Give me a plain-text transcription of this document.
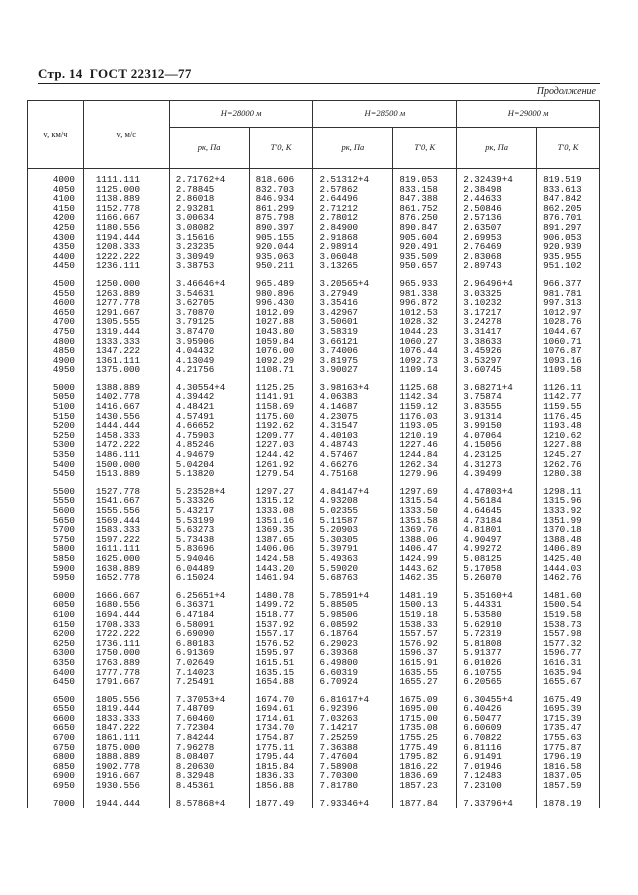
Стр. 14 ГОСТ 22312—77
Продолжение
v, км/ч	v, м/с	H=28000 м		H=28500 м		H=29000 м	
		pк, Па	T'0, К	pк, Па	T'0, К	pк, Па	T'0, К
4000	1111.111	2.71762+4	818.606	2.51312+4	819.053	2.32439+4	819.519
4050	1125.000	2.78845	832.703	2.57862	833.158	2.38498	833.613
4100	1138.889	2.86018	846.934	2.64496	847.388	2.44633	847.842
4150	1152.778	2.93281	861.299	2.71212	861.752	2.50846	862.205
4200	1166.667	3.00634	875.798	2.78012	876.250	2.57136	876.701
4250	1180.556	3.08082	890.397	2.84900	890.847	2.63507	891.297
4300	1194.444	3.15616	905.155	2.91868	905.604	2.69953	906.053
4350	1208.333	3.23235	920.044	2.98914	920.491	2.76469	920.939
4400	1222.222	3.30949	935.063	3.06048	935.509	2.83068	935.955
4450	1236.111	3.38753	950.211	3.13265	950.657	2.89743	951.102

4500	1250.000	3.46646+4	965.489	3.20565+4	965.933	2.96496+4	966.377
4550	1263.889	3.54631	980.896	3.27949	981.338	3.03325	981.781
4600	1277.778	3.62705	996.430	3.35416	996.872	3.10232	997.313
4650	1291.667	3.70870	1012.09	3.42967	1012.53	3.17217	1012.97
4700	1305.555	3.79125	1027.88	3.50601	1028.32	3.24278	1028.76
4750	1319.444	3.87470	1043.80	3.58319	1044.23	3.31417	1044.67
4800	1333.333	3.95906	1059.84	3.66121	1060.27	3.38633	1060.71
4850	1347.222	4.04432	1076.00	3.74006	1076.44	3.45926	1076.87
4900	1361.111	4.13049	1092.29	3.81975	1092.73	3.53297	1093.16
4950	1375.000	4.21756	1108.71	3.90027	1109.14	3.60745	1109.58

5000	1388.889	4.30554+4	1125.25	3.98163+4	1125.68	3.68271+4	1126.11
5050	1402.778	4.39442	1141.91	4.06383	1142.34	3.75874	1142.77
5100	1416.667	4.48421	1158.69	4.14687	1159.12	3.83555	1159.55
5150	1430.556	4.57491	1175.60	4.23075	1176.03	3.91314	1176.45
5200	1444.444	4.66652	1192.62	4.31547	1193.05	3.99150	1193.48
5250	1458.333	4.75903	1209.77	4.40103	1210.19	4.07064	1210.62
5300	1472.222	4.85246	1227.03	4.48743	1227.46	4.15056	1227.88
5350	1486.111	4.94679	1244.42	4.57467	1244.84	4.23125	1245.27
5400	1500.000	5.04204	1261.92	4.66276	1262.34	4.31273	1262.76
5450	1513.889	5.13820	1279.54	4.75168	1279.96	4.39499	1280.38

5500	1527.778	5.23528+4	1297.27	4.84147+4	1297.69	4.47803+4	1298.11
5550	1541.667	5.33326	1315.12	4.93208	1315.54	4.56184	1315.96
5600	1555.556	5.43217	1333.08	5.02355	1333.50	4.64645	1333.92
5650	1569.444	5.53199	1351.16	5.11587	1351.58	4.73184	1351.99
5700	1583.333	5.63273	1369.35	5.20903	1369.76	4.81801	1370.18
5750	1597.222	5.73438	1387.65	5.30305	1388.06	4.90497	1388.48
5800	1611.111	5.83696	1406.06	5.39791	1406.47	4.99272	1406.89
5850	1625.000	5.94046	1424.58	5.49363	1424.99	5.08125	1425.40
5900	1638.889	6.04489	1443.20	5.59020	1443.62	5.17058	1444.03
5950	1652.778	6.15024	1461.94	5.68763	1462.35	5.26070	1462.76

6000	1666.667	6.25651+4	1480.78	5.78591+4	1481.19	5.35160+4	1481.60
6050	1680.556	6.36371	1499.72	5.88505	1500.13	5.44331	1500.54
6100	1694.444	6.47184	1518.77	5.98506	1519.18	5.53580	1519.58
6150	1708.333	6.58091	1537.92	6.08592	1538.33	5.62910	1538.73
6200	1722.222	6.69090	1557.17	6.18764	1557.57	5.72319	1557.98
6250	1736.111	6.80183	1576.52	6.29023	1576.92	5.81808	1577.32
6300	1750.000	6.91369	1595.97	6.39368	1596.37	5.91377	1596.77
6350	1763.889	7.02649	1615.51	6.49800	1615.91	6.01026	1616.31
6400	1777.778	7.14023	1635.15	6.60319	1635.55	6.10755	1635.94
6450	1791.667	7.25491	1654.88	6.70924	1655.27	6.20565	1655.67

6500	1805.556	7.37053+4	1674.70	6.81617+4	1675.09	6.30455+4	1675.49
6550	1819.444	7.48709	1694.61	6.92396	1695.00	6.40426	1695.39
6600	1833.333	7.60460	1714.61	7.03263	1715.00	6.50477	1715.39
6650	1847.222	7.72304	1734.70	7.14217	1735.08	6.60609	1735.47
6700	1861.111	7.84244	1754.87	7.25259	1755.25	6.70822	1755.63
6750	1875.000	7.96278	1775.11	7.36388	1775.49	6.81116	1775.87
6800	1888.889	8.08407	1795.44	7.47604	1795.82	6.91491	1796.19
6850	1902.778	8.20630	1815.84	7.58908	1816.22	7.01946	1816.58
6900	1916.667	8.32948	1836.33	7.70300	1836.69	7.12483	1837.05
6950	1930.556	8.45361	1856.88	7.81780	1857.23	7.23100	1857.59

7000	1944.444	8.57868+4	1877.49	7.93346+4	1877.84	7.33796+4	1878.19
